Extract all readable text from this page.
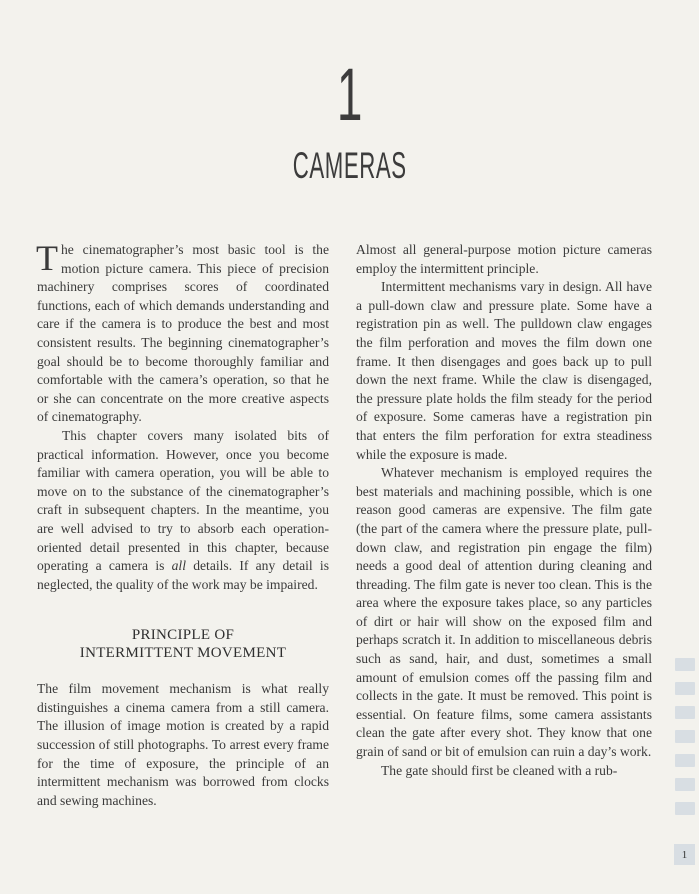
1
CAMERAS

The cinematographer’s most basic tool is the motion picture camera. This piece of precision machinery comprises scores of coordinated functions, each of which demands understanding and care if the camera is to produce the best and most consistent results. The beginning cinematographer’s goal should be to become thoroughly familiar and comfortable with the camera’s operation, so that he or she can concentrate on the more creative aspects of cinematography.

This chapter covers many isolated bits of practical information. However, once you become familiar with camera operation, you will be able to move on to the substance of the cinematographer’s craft in subsequent chapters. In the meantime, you are well advised to try to absorb each operation-oriented detail presented in this chapter, because operating a camera is all details. If any detail is neglected, the quality of the work may be impaired.

PRINCIPLE OF
INTERMITTENT MOVEMENT

The film movement mechanism is what really distinguishes a cinema camera from a still camera. The illusion of image motion is created by a rapid succession of still photographs. To arrest every frame for the time of exposure, the principle of an intermittent mechanism was borrowed from clocks and sewing machines.

Almost all general-purpose motion picture cameras employ the intermittent principle.

Intermittent mechanisms vary in design. All have a pull-down claw and pressure plate. Some have a registration pin as well. The pulldown claw engages the film perforation and moves the film down one frame. It then disengages and goes back up to pull down the next frame. While the claw is disengaged, the pressure plate holds the film steady for the period of exposure. Some cameras have a registration pin that enters the film perforation for extra steadiness while the exposure is made.

Whatever mechanism is employed requires the best materials and machining possible, which is one reason good cameras are expensive. The film gate (the part of the camera where the pressure plate, pull-down claw, and registration pin engage the film) needs a good deal of attention during cleaning and threading. The film gate is never too clean. This is the area where the exposure takes place, so any particles of dirt or hair will show on the exposed film and perhaps scratch it. In addition to miscellaneous debris such as sand, hair, and dust, sometimes a small amount of emulsion comes off the passing film and collects in the gate. It must be removed. This point is essential. On feature films, some camera assistants clean the gate after every shot. They know that one grain of sand or bit of emulsion can ruin a day’s work.

The gate should first be cleaned with a rub-

1
